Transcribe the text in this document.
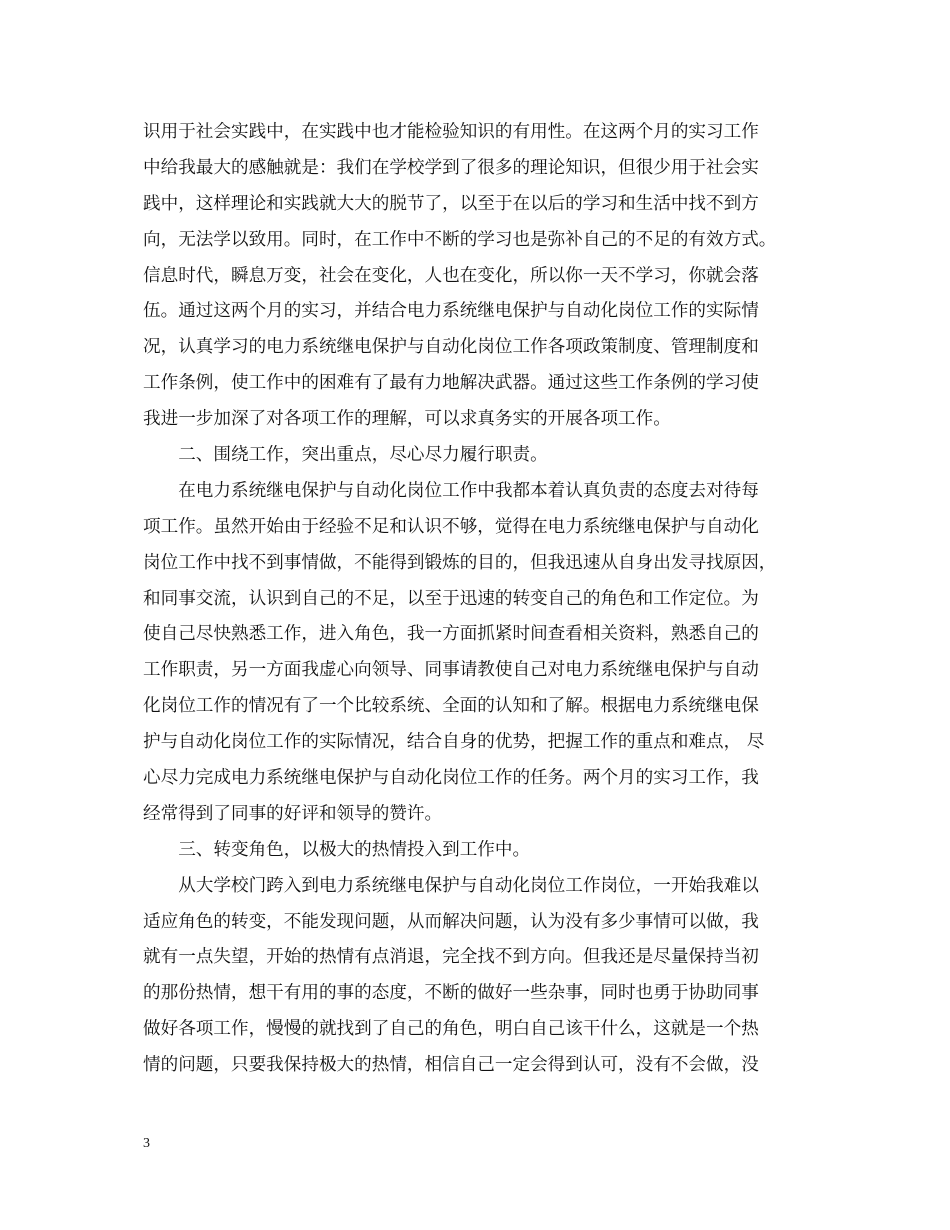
识用于社会实践中，在实践中也才能检验知识的有用性。在这两个月的实习工作
中给我最大的感触就是：我们在学校学到了很多的理论知识，但很少用于社会实
践中，这样理论和实践就大大的脱节了，以至于在以后的学习和生活中找不到方
向，无法学以致用。同时，在工作中不断的学习也是弥补自己的不足的有效方式。
信息时代，瞬息万变，社会在变化，人也在变化，所以你一天不学习，你就会落
伍。通过这两个月的实习，并结合电力系统继电保护与自动化岗位工作的实际情
况，认真学习的电力系统继电保护与自动化岗位工作各项政策制度、管理制度和
工作条例，使工作中的困难有了最有力地解决武器。通过这些工作条例的学习使
我进一步加深了对各项工作的理解，可以求真务实的开展各项工作。
　　二、围绕工作，突出重点，尽心尽力履行职责。
　　在电力系统继电保护与自动化岗位工作中我都本着认真负责的态度去对待每
项工作。虽然开始由于经验不足和认识不够，觉得在电力系统继电保护与自动化
岗位工作中找不到事情做，不能得到锻炼的目的，但我迅速从自身出发寻找原因，
和同事交流，认识到自己的不足，以至于迅速的转变自己的角色和工作定位。为
使自己尽快熟悉工作，进入角色，我一方面抓紧时间查看相关资料，熟悉自己的
工作职责，另一方面我虚心向领导、同事请教使自己对电力系统继电保护与自动
化岗位工作的情况有了一个比较系统、全面的认知和了解。根据电力系统继电保
护与自动化岗位工作的实际情况，结合自身的优势，把握工作的重点和难点， 尽
心尽力完成电力系统继电保护与自动化岗位工作的任务。两个月的实习工作，我
经常得到了同事的好评和领导的赞许。
　　三、转变角色，以极大的热情投入到工作中。
　　从大学校门跨入到电力系统继电保护与自动化岗位工作岗位，一开始我难以
适应角色的转变，不能发现问题，从而解决问题，认为没有多少事情可以做，我
就有一点失望，开始的热情有点消退，完全找不到方向。但我还是尽量保持当初
的那份热情，想干有用的事的态度，不断的做好一些杂事，同时也勇于协助同事
做好各项工作，慢慢的就找到了自己的角色，明白自己该干什么，这就是一个热
情的问题，只要我保持极大的热情，相信自己一定会得到认可，没有不会做，没
3
